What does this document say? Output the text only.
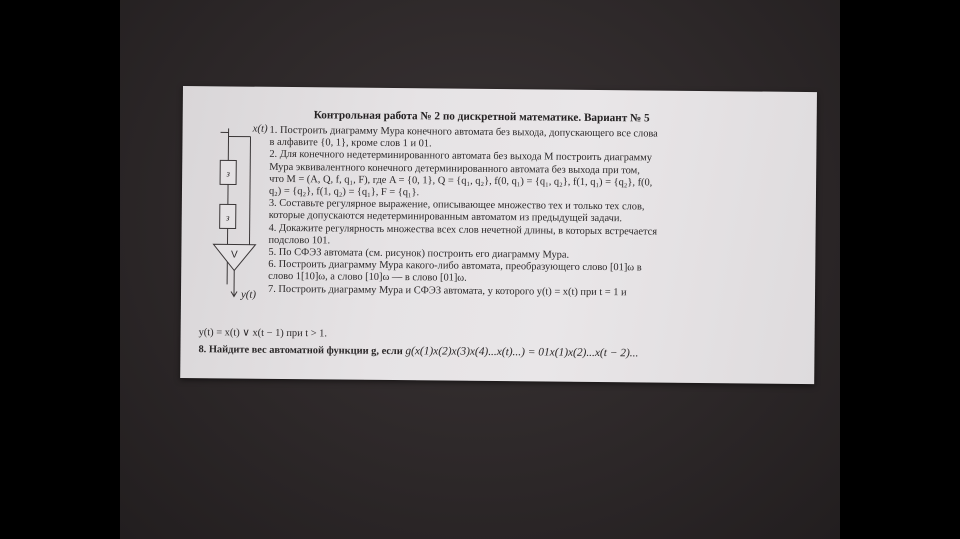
Контрольная работа № 2 по дискретной математике. Вариант № 5
з
з
V
x(t)
y(t)
1. Построить диаграмму Мура конечного автомата без выхода, допускающего все слова
в алфавите {0, 1}, кроме слов 1 и 01.
2. Для конечного недетерминированного автомата без выхода M построить диаграмму
Мура эквивалентного конечного детерминированного автомата без выхода при том,
что M = (A, Q, f, q₁, F), где A = {0, 1}, Q = {q₁, q₂}, f(0, q₁) = {q₁, q₂}, f(1, q₁) = {q₂}, f(0,
q₂) = {q₂}, f(1, q₂) = {q₁}, F = {q₁}.
3. Составьте регулярное выражение, описывающее множество тех и только тех слов,
которые допускаются недетерминированным автоматом из предыдущей задачи.
4. Докажите регулярность множества всех слов нечетной длины, в которых встречается
подслово 101.
5. По СФЭЗ автомата (см. рисунок) построить его диаграмму Мура.
6. Построить диаграмму Мура какого-либо автомата, преобразующего слово [01]ω в
слово 1[10]ω, а слово [10]ω — в слово [01]ω.
7. Построить диаграмму Мура и СФЭЗ автомата, у которого y(t) = x(t) при t = 1 и
y(t) = x(t) ∨ x(t − 1) при t > 1.
8. Найдите вес автоматной функции g, если g(x(1)x(2)x(3)x(4)...x(t)...) = 01x(1)x(2)...x(t − 2)...
